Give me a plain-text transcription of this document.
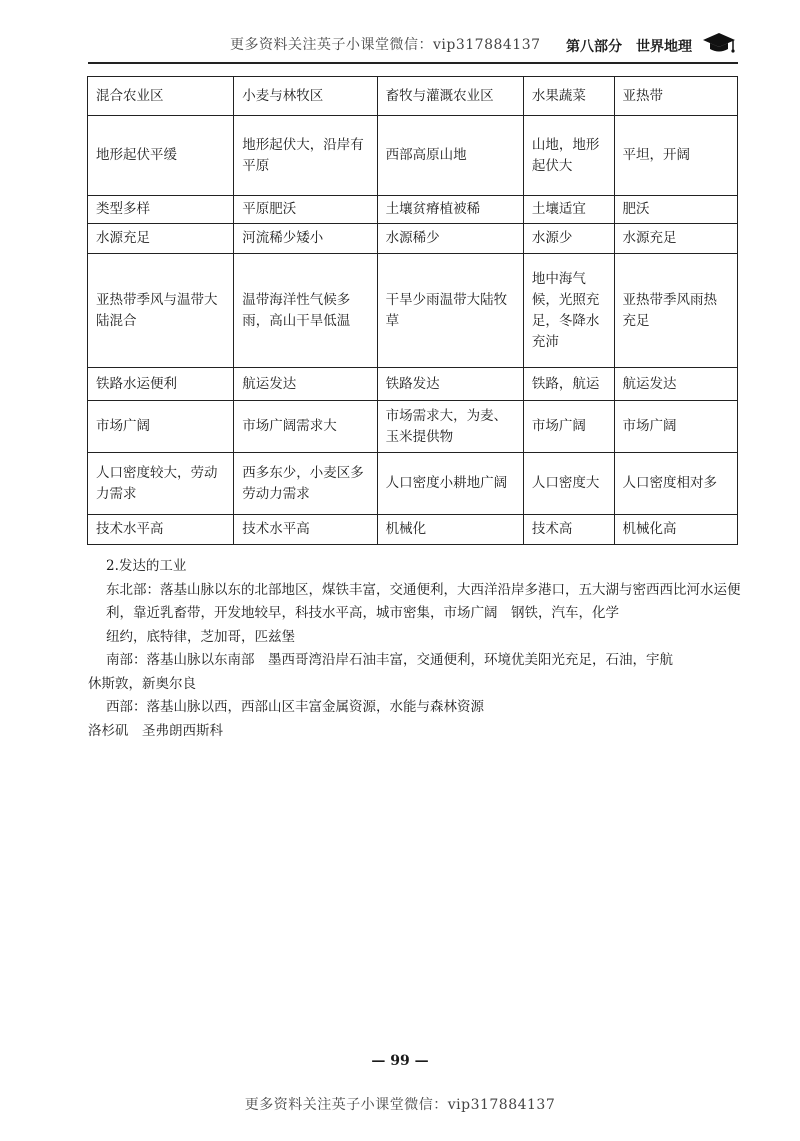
更多资料关注英子小课堂微信：vip317884137 第八部分 世界地理
混合农业区	小麦与林牧区	畜牧与灌溉农业区	水果蔬菜	亚热带
地形起伏平缓	地形起伏大，沿岸有平原	西部高原山地	山地，地形起伏大	平坦，开阔
类型多样	平原肥沃	土壤贫瘠植被稀	土壤适宜	肥沃
水源充足	河流稀少矮小	水源稀少	水源少	水源充足
亚热带季风与温带大陆混合	温带海洋性气候多雨，高山干旱低温	干旱少雨温带大陆牧草	地中海气候，光照充足，冬降水充沛	亚热带季风雨热充足
铁路水运便利	航运发达	铁路发达	铁路，航运	航运发达
市场广阔	市场广阔需求大	市场需求大，为麦、玉米提供物	市场广阔	市场广阔
人口密度较大，劳动力需求	西多东少，小麦区多劳动力需求	人口密度小耕地广阔	人口密度大	人口密度相对多
技术水平高	技术水平高	机械化	技术高	机械化高

2.发达的工业

东北部：落基山脉以东的北部地区，煤铁丰富，交通便利，大西洋沿岸多港口，五大湖与密西西比河水运便利，靠近乳畜带，开发地较早，科技水平高，城市密集，市场广阔　钢铁，汽车，化学

纽约，底特律，芝加哥，匹兹堡

南部：落基山脉以东南部　墨西哥湾沿岸石油丰富，交通便利，环境优美阳光充足，石油，宇航

休斯敦，新奥尔良

西部：落基山脉以西，西部山区丰富金属资源，水能与森林资源

洛杉矶　圣弗朗西斯科

— 99 —
更多资料关注英子小课堂微信：vip317884137
